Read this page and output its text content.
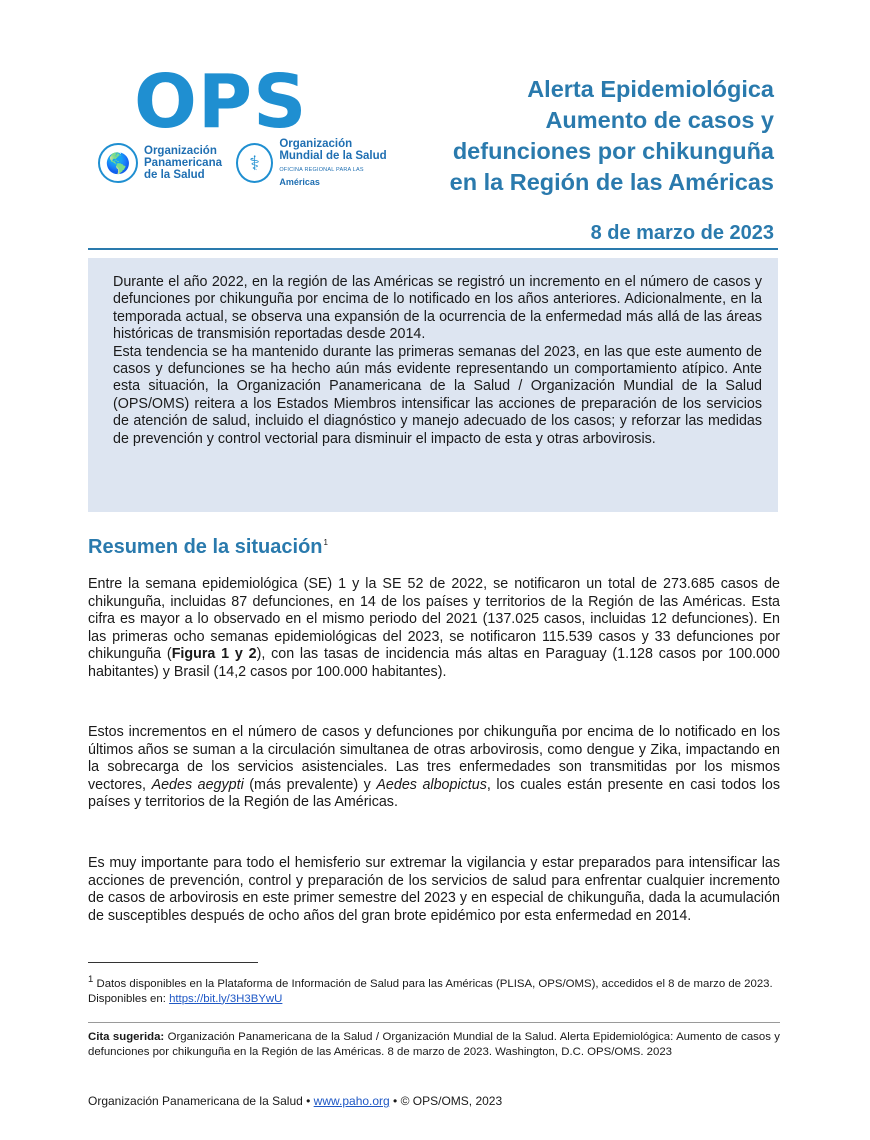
OPS
🌎
Organización
Panamericana
de la Salud
⚕
Organización
Mundial de la Salud
OFICINA REGIONAL PARA LAS Américas
Alerta Epidemiológica
Aumento de casos y
defunciones por chikunguña
en la Región de las Américas
8 de marzo de 2023

Durante el año 2022, en la región de las Américas se registró un incremento en el número de casos y defunciones por chikunguña por encima de lo notificado en los años anteriores. Adicionalmente, en la temporada actual, se observa una expansión de la ocurrencia de la enfermedad más allá de las áreas históricas de transmisión reportadas desde 2014.

Esta tendencia se ha mantenido durante las primeras semanas del 2023, en las que este aumento de casos y defunciones se ha hecho aún más evidente representando un comportamiento atípico. Ante esta situación, la Organización Panamericana de la Salud / Organización Mundial de la Salud (OPS/OMS) reitera a los Estados Miembros intensificar las acciones de preparación de los servicios de atención de salud, incluido el diagnóstico y manejo adecuado de los casos; y reforzar las medidas de prevención y control vectorial para disminuir el impacto de esta y otras arbovirosis.

Resumen de la situación$^1$

Entre la semana epidemiológica (SE) 1 y la SE 52 de 2022, se notificaron un total de 273.685 casos de chikunguña, incluidas 87 defunciones, en 14 de los países y territorios de la Región de las Américas. Esta cifra es mayor a lo observado en el mismo periodo del 2021 (137.025 casos, incluidas 12 defunciones). En las primeras ocho semanas epidemiológicas del 2023, se notificaron 115.539 casos y 33 defunciones por chikunguña (Figura 1 y 2), con las tasas de incidencia más altas en Paraguay (1.128 casos por 100.000 habitantes) y Brasil (14,2 casos por 100.000 habitantes).

Estos incrementos en el número de casos y defunciones por chikunguña por encima de lo notificado en los últimos años se suman a la circulación simultanea de otras arbovirosis, como dengue y Zika, impactando en la sobrecarga de los servicios asistenciales. Las tres enfermedades son transmitidas por los mismos vectores, Aedes aegypti (más prevalente) y Aedes albopictus, los cuales están presente en casi todos los países y territorios de la Región de las Américas.

Es muy importante para todo el hemisferio sur extremar la vigilancia y estar preparados para intensificar las acciones de prevención, control y preparación de los servicios de salud para enfrentar cualquier incremento de casos de arbovirosis en este primer semestre del 2023 y en especial de chikunguña, dada la acumulación de susceptibles después de ocho años del gran brote epidémico por esta enfermedad en 2014.

$^1$ Datos disponibles en la Plataforma de Información de Salud para las Américas (PLISA, OPS/OMS), accedidos el 8 de marzo de 2023. Disponibles en: https://bit.ly/3H3BYwU

Cita sugerida: Organización Panamericana de la Salud / Organización Mundial de la Salud. Alerta Epidemiológica: Aumento de casos y defunciones por chikunguña en la Región de las Américas. 8 de marzo de 2023. Washington, D.C. OPS/OMS. 2023

Organización Panamericana de la Salud • www.paho.org • © OPS/OMS, 2023
